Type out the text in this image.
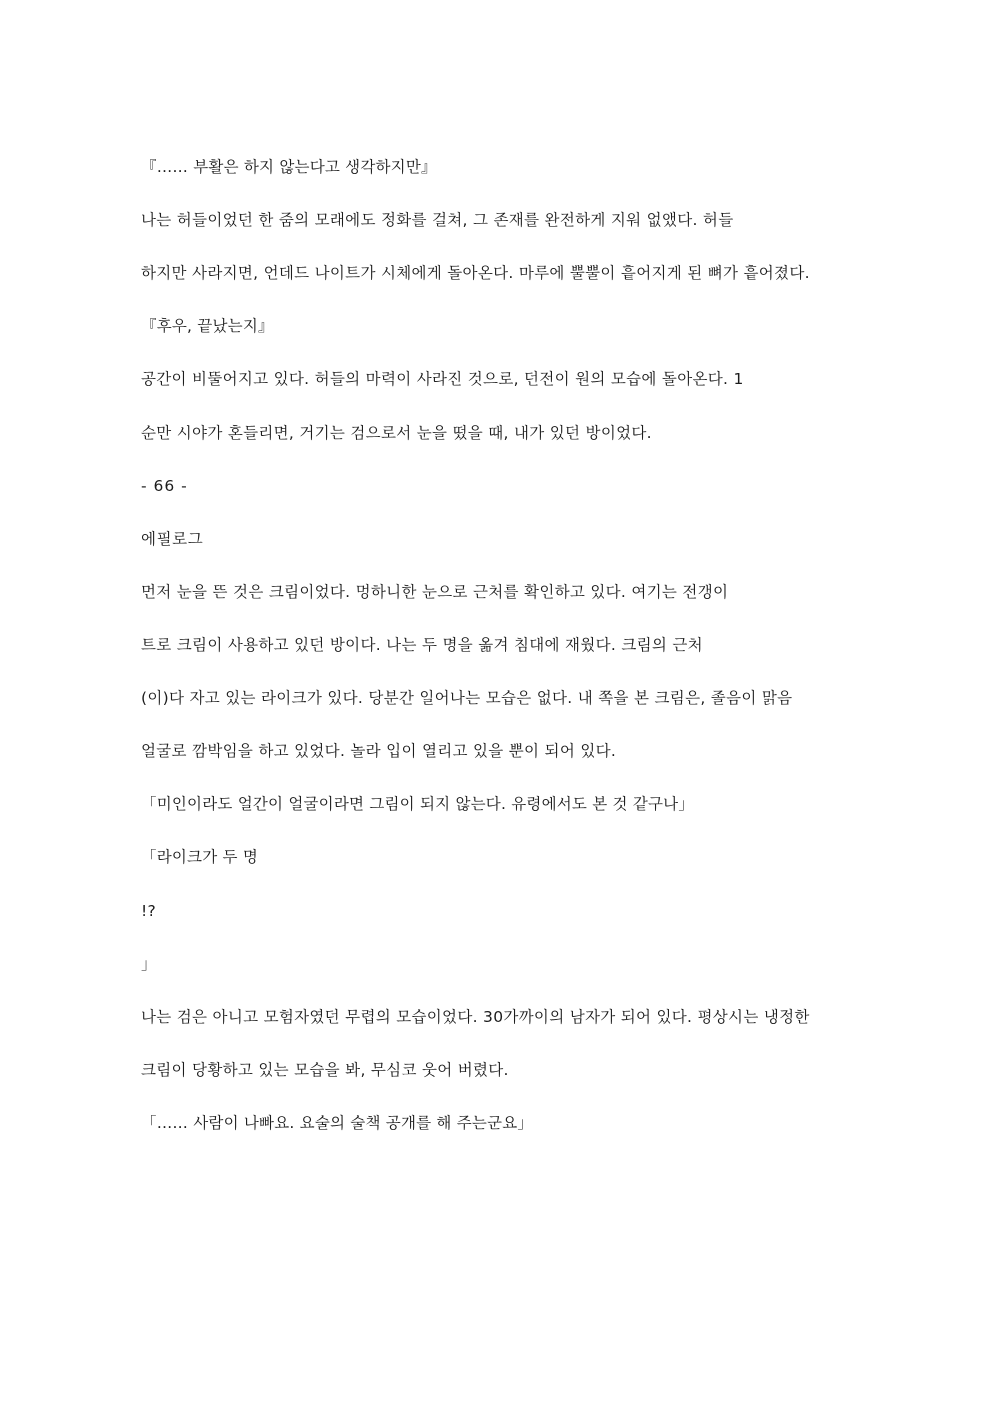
『…… 부활은 하지 않는다고 생각하지만』

나는 허들이었던 한 줌의 모래에도 정화를 걸쳐, 그 존재를 완전하게 지워 없앴다. 허들

하지만 사라지면, 언데드 나이트가 시체에게 돌아온다. 마루에 뿔뿔이 흩어지게 된 뼈가 흩어졌다.

『후우, 끝났는지』

공간이 비뚤어지고 있다. 허들의 마력이 사라진 것으로, 던전이 원의 모습에 돌아온다. 1

순만 시야가 혼들리면, 거기는 검으로서 눈을 떴을 때, 내가 있던 방이었다.

- 66 -

에필로그

먼저 눈을 뜬 것은 크림이었다. 멍하니한 눈으로 근처를 확인하고 있다. 여기는 전갱이

트로 크림이 사용하고 있던 방이다. 나는 두 명을 옮겨 침대에 재웠다. 크림의 근처

(이)다 자고 있는 라이크가 있다. 당분간 일어나는 모습은 없다. 내 쪽을 본 크림은, 졸음이 맑음

얼굴로 깜박임을 하고 있었다. 놀라 입이 열리고 있을 뿐이 되어 있다.

「미인이라도 얼간이 얼굴이라면 그림이 되지 않는다. 유령에서도 본 것 같구나」

「라이크가 두 명

!?

」

나는 검은 아니고 모험자였던 무렵의 모습이었다. 30가까이의 남자가 되어 있다. 평상시는 냉정한

크림이 당황하고 있는 모습을 봐, 무심코 웃어 버렸다.

「…… 사람이 나빠요. 요술의 술책 공개를 해 주는군요」
